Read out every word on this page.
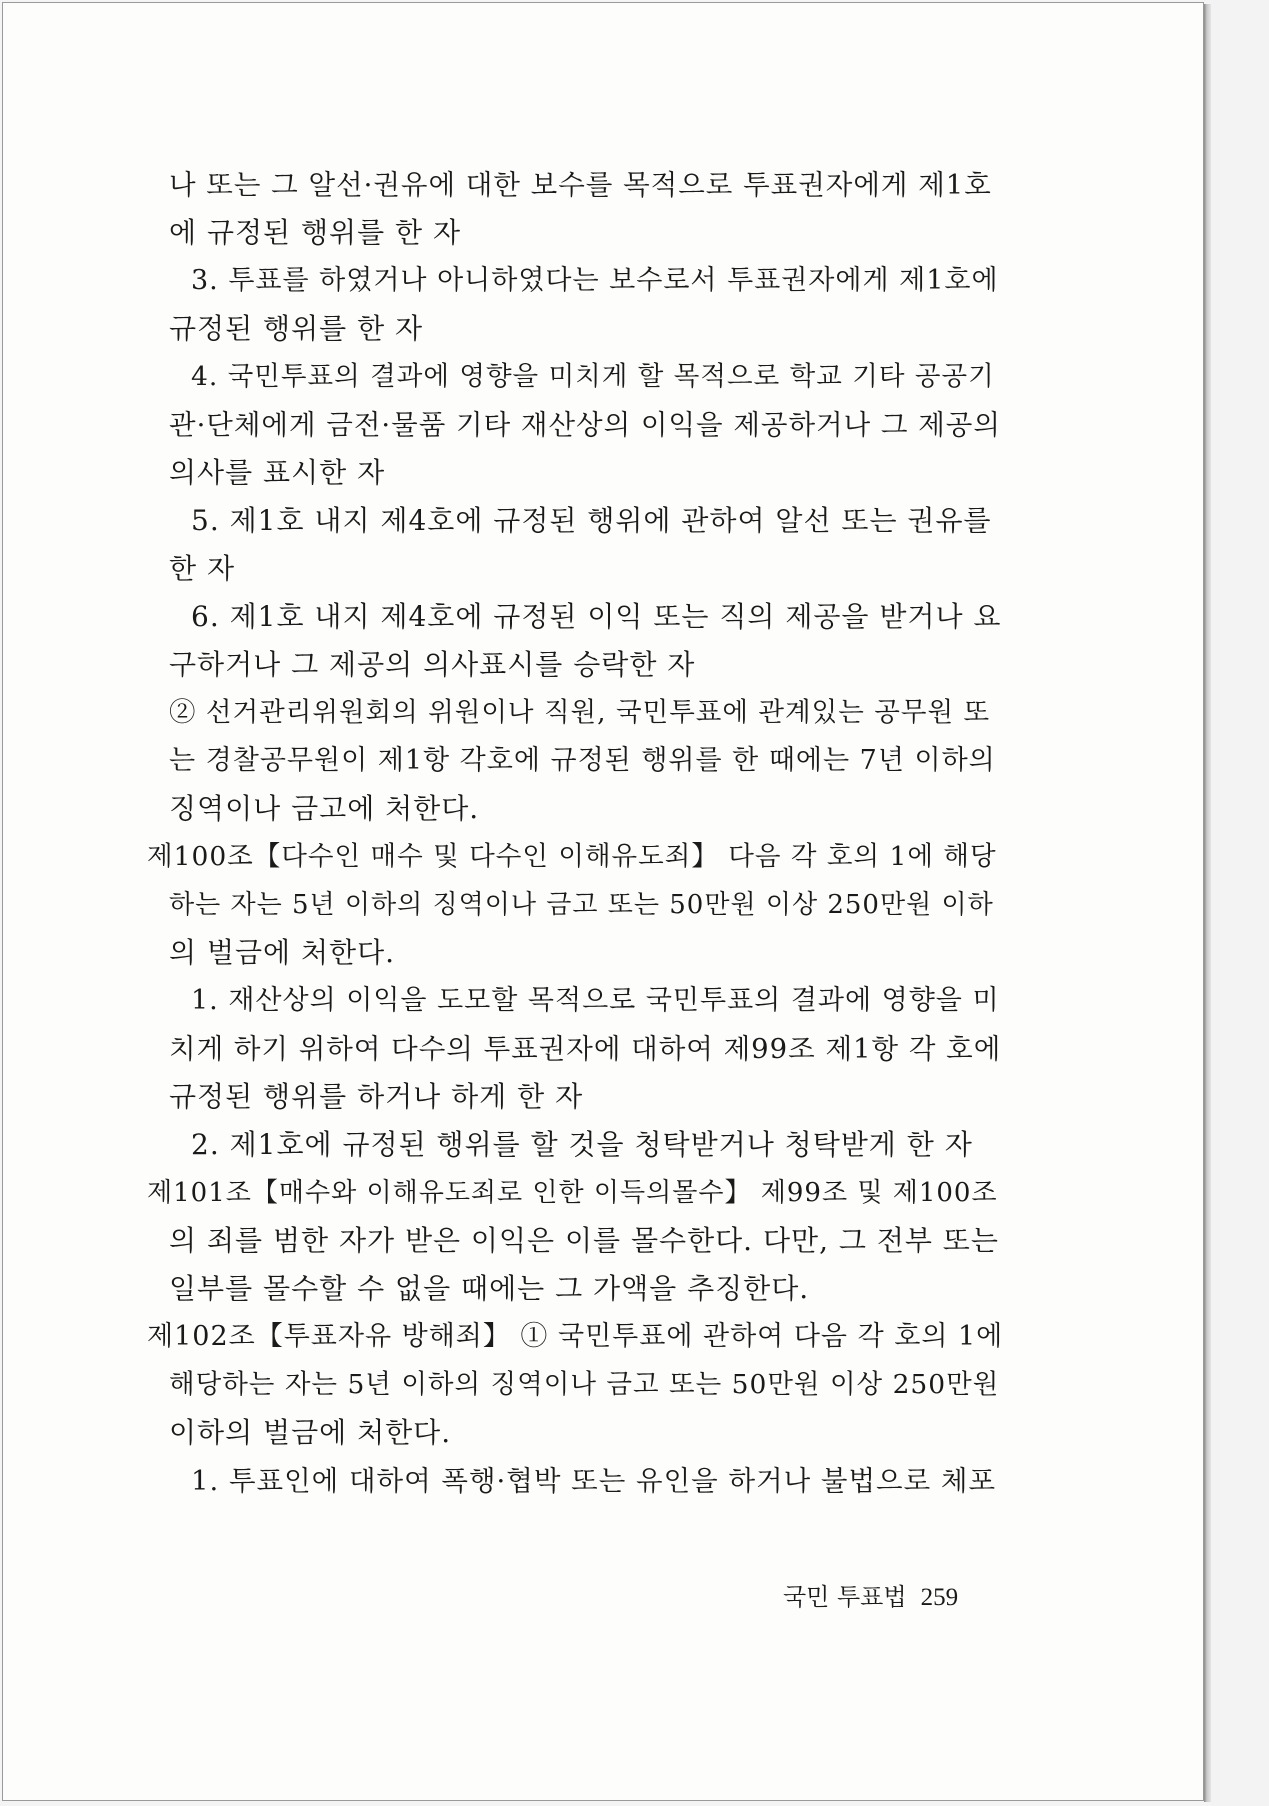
나 또는 그 알선·권유에 대한 보수를 목적으로 투표권자에게 제1호
에 규정된 행위를 한 자
3. 투표를 하였거나 아니하였다는 보수로서 투표권자에게 제1호에
규정된 행위를 한 자
4. 국민투표의 결과에 영향을 미치게 할 목적으로 학교 기타 공공기
관·단체에게 금전·물품 기타 재산상의 이익을 제공하거나 그 제공의
의사를 표시한 자
5. 제1호 내지 제4호에 규정된 행위에 관하여 알선 또는 권유를
한 자
6. 제1호 내지 제4호에 규정된 이익 또는 직의 제공을 받거나 요
구하거나 그 제공의 의사표시를 승락한 자
② 선거관리위원회의 위원이나 직원, 국민투표에 관계있는 공무원 또
는 경찰공무원이 제1항 각호에 규정된 행위를 한 때에는 7년 이하의
징역이나 금고에 처한다.
제100조【다수인 매수 및 다수인 이해유도죄】 다음 각 호의 1에 해당
하는 자는 5년 이하의 징역이나 금고 또는 50만원 이상 250만원 이하
의 벌금에 처한다.
1. 재산상의 이익을 도모할 목적으로 국민투표의 결과에 영향을 미
치게 하기 위하여 다수의 투표권자에 대하여 제99조 제1항 각 호에
규정된 행위를 하거나 하게 한 자
2. 제1호에 규정된 행위를 할 것을 청탁받거나 청탁받게 한 자
제101조【매수와 이해유도죄로 인한 이득의몰수】 제99조 및 제100조
의 죄를 범한 자가 받은 이익은 이를 몰수한다. 다만, 그 전부 또는
일부를 몰수할 수 없을 때에는 그 가액을 추징한다.
제102조【투표자유 방해죄】 ① 국민투표에 관하여 다음 각 호의 1에
해당하는 자는 5년 이하의 징역이나 금고 또는 50만원 이상 250만원
이하의 벌금에 처한다.
1. 투표인에 대하여 폭행·협박 또는 유인을 하거나 불법으로 체포
국민 투표법 259
